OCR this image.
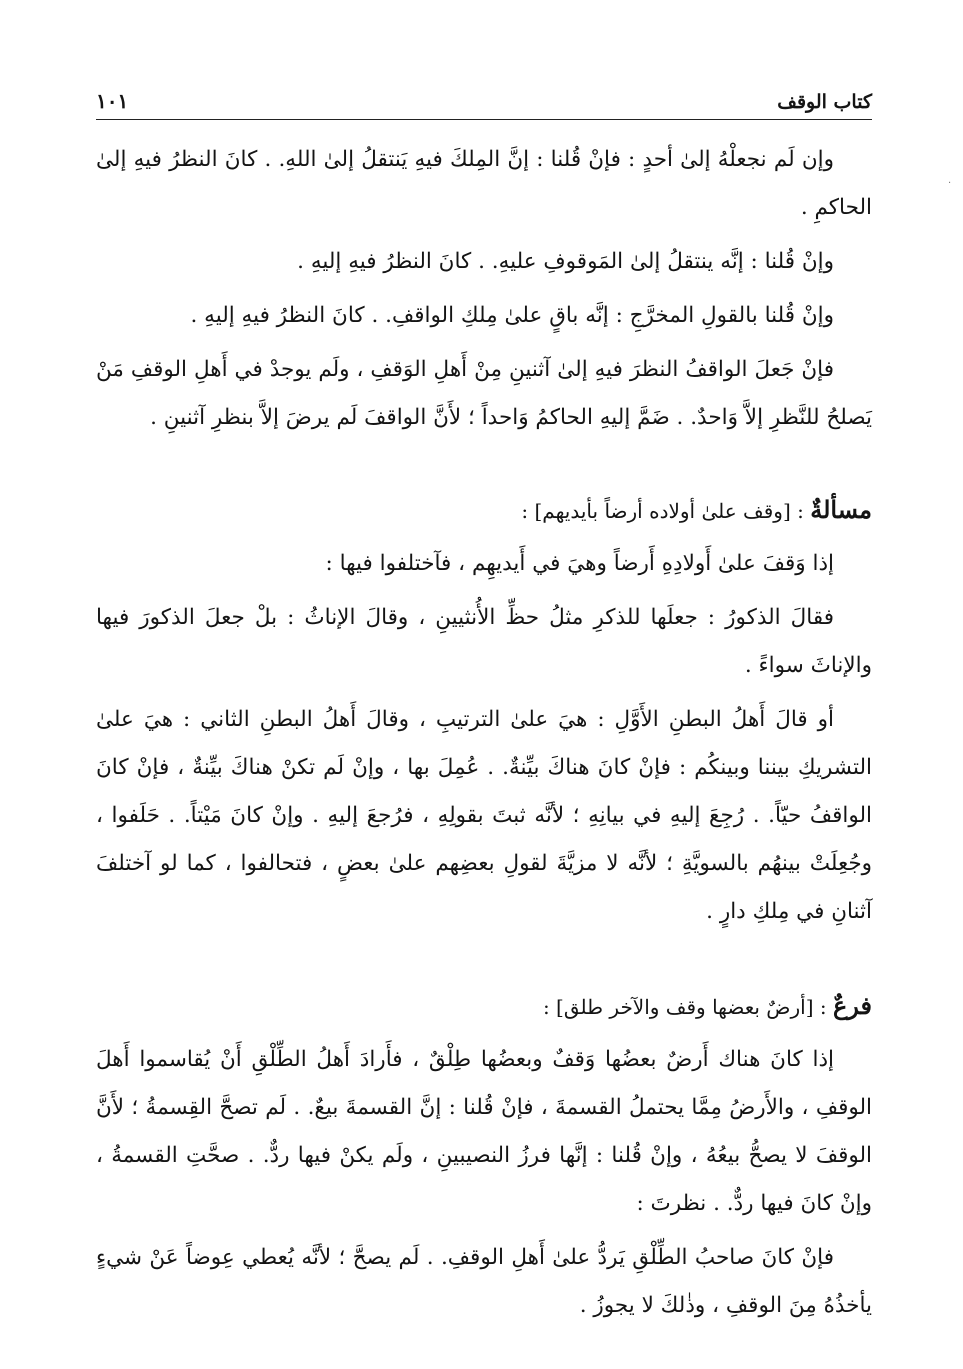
١٠١	كتاب الوقف

وإن لَم نجعلْهُ إلىٰ أحدٍ : فإنْ قُلنا : إنَّ المِلكَ فيهِ يَنتقلُ إلىٰ اللهِ. . كانَ النظرُ فيهِ إلىٰ الحاكمِ .

وإنْ قُلنا : إنَّه ينتقلُ إلىٰ المَوقوفِ عليهِ. . كانَ النظرُ فيهِ إليهِ .

وإنْ قُلنا بالقولِ المخرَّجِ : إنَّه باقٍ علىٰ مِلكِ الواقفِ. . كانَ النظرُ فيهِ إليهِ .

فإنْ جَعلَ الواقفُ النظرَ فيهِ إلىٰ آثنينِ مِنْ أَهلِ الوَقفِ ، ولَم يوجدْ في أَهلِ الوقفِ مَنْ يَصلحُ للنَّظرِ إلاَّ وَاحدٌ. . ضَمَّ إليهِ الحاكمُ وَاحداً ؛ لأَنَّ الواقفَ لَم يرضَ إلاَّ بنظرِ آثنينِ .

مسألةٌ : [وقف علىٰ أولاده أرضاً بأيديهم] :

إذا وَقفَ علىٰ أَولادِهِ أَرضاً وهيَ في أَيديهِم ، فآختلفوا فيها :

فقالَ الذكورُ : جعلَها للذكرِ مثلُ حظِّ الأُنثيينِ ، وقالَ الإناثُ : بلْ جعلَ الذكورَ فيها والإناثَ سواءً .

أو قالَ أَهلُ البطنِ الأَوَّلِ : هيَ علىٰ الترتيبِ ، وقالَ أَهلُ البطنِ الثاني : هيَ علىٰ التشريكِ بيننا وبينكُم : فإنْ كانَ هناكَ بيِّنةٌ. . عُمِلَ بها ، وإنْ لَم تكنْ هناكَ بيِّنةٌ ، فإنْ كانَ الواقفُ حيّاً. . رُجِعَ إليهِ في بيانِهِ ؛ لأنَّه ثبتَ بقولِهِ ، فرُجعَ إليهِ . وإنْ كانَ مَيْتاً. . حَلَفوا ، وجُعِلَتْ بينهُم بالسويَّةِ ؛ لأنَّه لا مزيَّةَ لقولِ بعضِهم علىٰ بعضٍ ، فتحالفوا ، كما لو آختلفَ آثنانِ في مِلكِ دارٍ .

فرعٌ : [أرضٌ بعضها وقف والآخر طلق] :

إذا كانَ هناك أَرضٌ بعضُها وَقفٌ وبعضُها طِلْقٌ ، فأَرادَ أَهلُ الطِّلْقِ أَنْ يُقاسموا أَهلَ الوقفِ ، والأَرضُ مِمَّا يحتملُ القسمةَ ، فإنْ قُلنا : إنَّ القسمةَ بيعٌ. . لَم تصحَّ القِسمةُ ؛ لأَنَّ الوقفَ لا يصحُّ بيعُهُ ، وإنْ قُلنا : إنَّها فرزُ النصيبينِ ، ولَم يكنْ فيها ردٌّ. . صحَّتِ القسمةُ ، وإنْ كانَ فيها ردٌّ. . نظرتَ :

فإنْ كانَ صاحبُ الطِّلْقِ يَردُّ علىٰ أَهلِ الوقفِ. . لَم يصحَّ ؛ لأنَّه يُعطي عِوضاً عَنْ شيءٍ يأخذُهُ مِنَ الوقفِ ، وذٰلكَ لا يجوزُ .

·
